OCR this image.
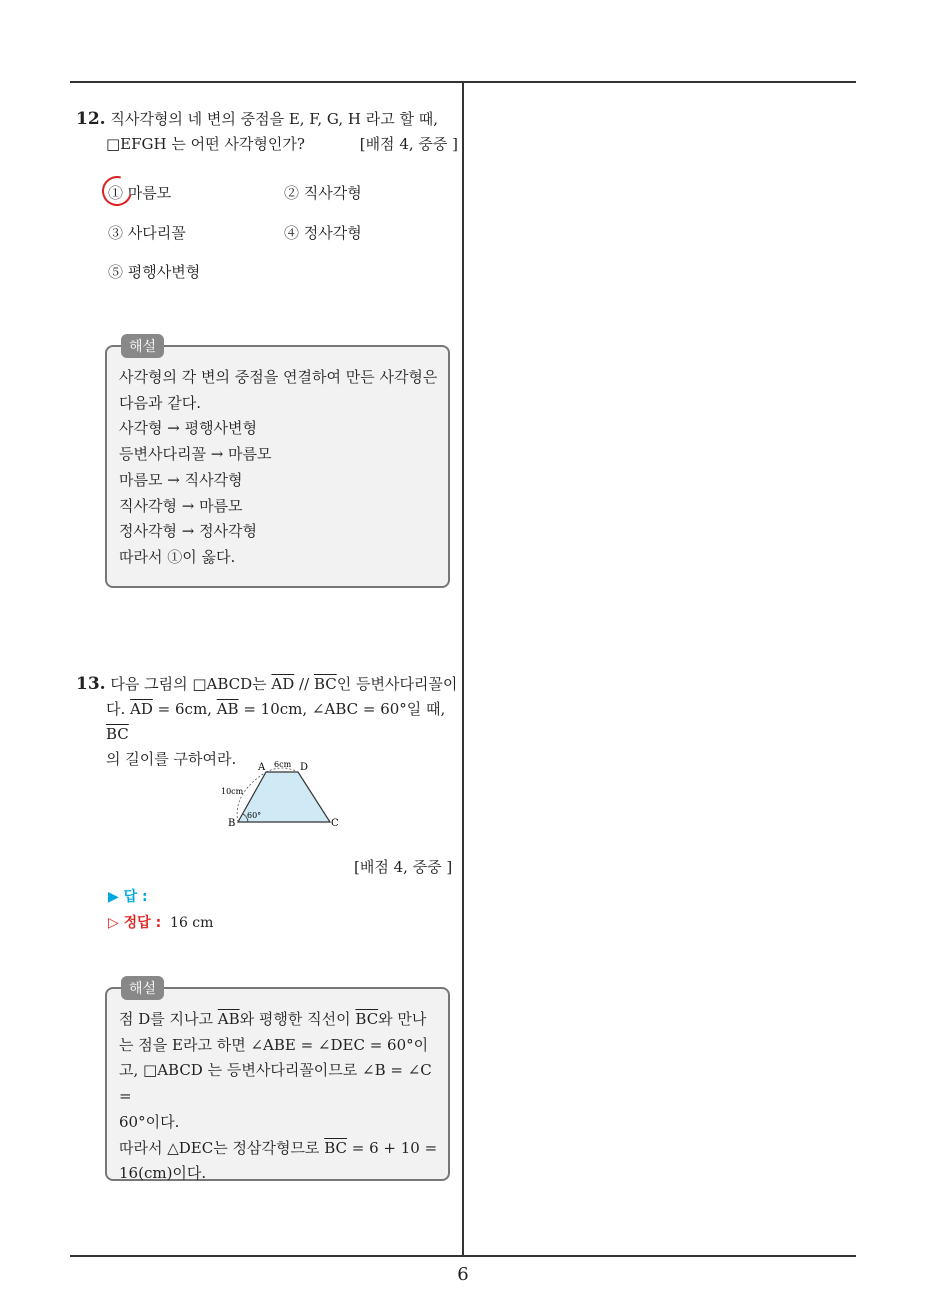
12. 직사각형의 네 변의 중점을 E, F, G, H 라고 할 때,
□EFGH 는 어떤 사각형인가?	[배점 4, 중중 ]
① 마름모	② 직사각형
③ 사다리꼴	④ 정사각형
⑤ 평행사변형
해설
사각형의 각 변의 중점을 연결하여 만든 사각형은
다음과 같다.
사각형 → 평행사변형
등변사다리꼴 → 마름모
마름모 → 직사각형
직사각형 → 마름모
정사각형 → 정사각형
따라서 ①이 옳다.
13. 다음 그림의 □ABCD는 $\overline{AD} // \overline{BC}$인 등변사다리꼴이
다. $\overline{AD} = 6cm$, $\overline{AB} = 10cm$, ∠ABC = 60°일 때, $\overline{BC}$
의 길이를 구하여라.	A	D
B	C
6cm
10cm
60°
[배점 4, 중중 ]
▶ 답 :
▷ 정답 : 16 cm
해설
점 D를 지나고 $\overline{AB}$와 평행한 직선이 $\overline{BC}$와 만나
는 점을 E라고 하면 ∠ABE = ∠DEC = 60°이
고, □ABCD 는 등변사다리꼴이므로 ∠B = ∠C =
60°이다.
따라서 △DEC는 정삼각형므로 $\overline{BC} = 6 + 10$ =
16(cm)이다.
6
